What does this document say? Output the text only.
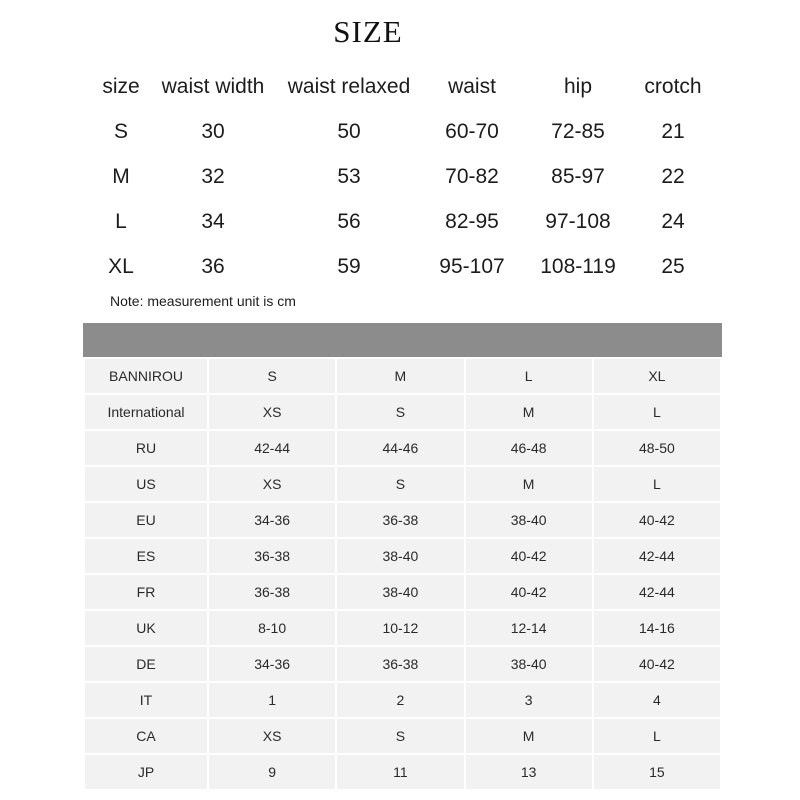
SIZE
size	waist width	waist relaxed	waist	hip	crotch
S	30	50	60-70	72-85	21
M	32	53	70-82	85-97	22
L	34	56	82-95	97-108	24
XL	36	59	95-107	108-119	25
Note: measurement unit is cm
BANNIROU	S	M	L	XL
International	XS	S	M	L
RU	42-44	44-46	46-48	48-50
US	XS	S	M	L
EU	34-36	36-38	38-40	40-42
ES	36-38	38-40	40-42	42-44
FR	36-38	38-40	40-42	42-44
UK	8-10	10-12	12-14	14-16
DE	34-36	36-38	38-40	40-42
IT	1	2	3	4
CA	XS	S	M	L
JP	9	11	13	15
